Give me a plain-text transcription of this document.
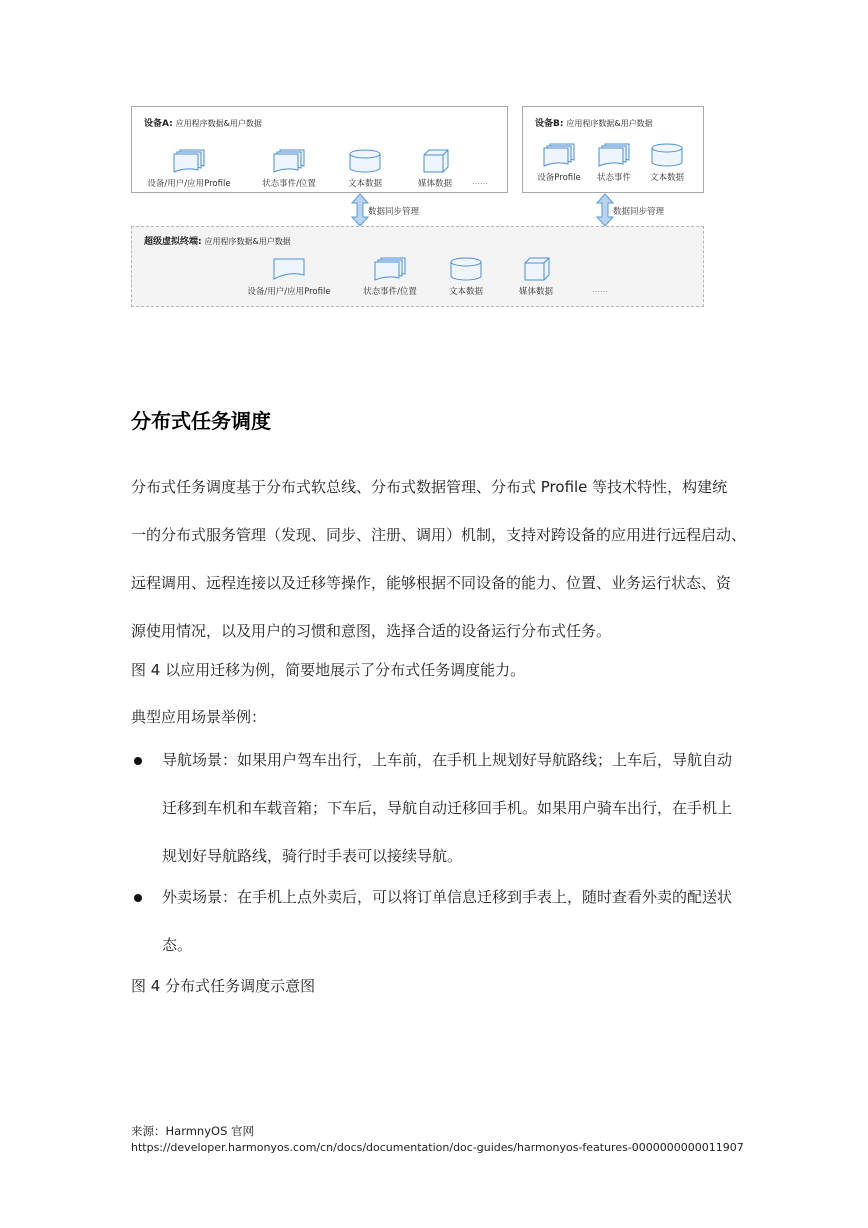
设备A: 应用程序数据&用户数据
设备/用户/应用Profile	状态事件/位置	文本数据	媒体数据	……
设备B: 应用程序数据&用户数据
设备Profile	状态事件	文本数据
数据同步管理	数据同步管理
超级虚拟终端: 应用程序数据&用户数据
设备/用户/应用Profile	状态事件/位置	文本数据	媒体数据	……
分布式任务调度
分布式任务调度基于分布式软总线、分布式数据管理、分布式 Profile 等技术特性，构建统
一的分布式服务管理（发现、同步、注册、调用）机制，支持对跨设备的应用进行远程启动、
远程调用、远程连接以及迁移等操作，能够根据不同设备的能力、位置、业务运行状态、资
源使用情况，以及用户的习惯和意图，选择合适的设备运行分布式任务。
图 4 以应用迁移为例，简要地展示了分布式任务调度能力。
典型应用场景举例：
导航场景：如果用户驾车出行，上车前，在手机上规划好导航路线；上车后，导航自动
迁移到车机和车载音箱；下车后，导航自动迁移回手机。如果用户骑车出行，在手机上
规划好导航路线，骑行时手表可以接续导航。
外卖场景：在手机上点外卖后，可以将订单信息迁移到手表上，随时查看外卖的配送状
态。
图 4 分布式任务调度示意图
来源：HarmnyOS 官网
https://developer.harmonyos.com/cn/docs/documentation/doc-guides/harmonyos-features-0000000000011907
